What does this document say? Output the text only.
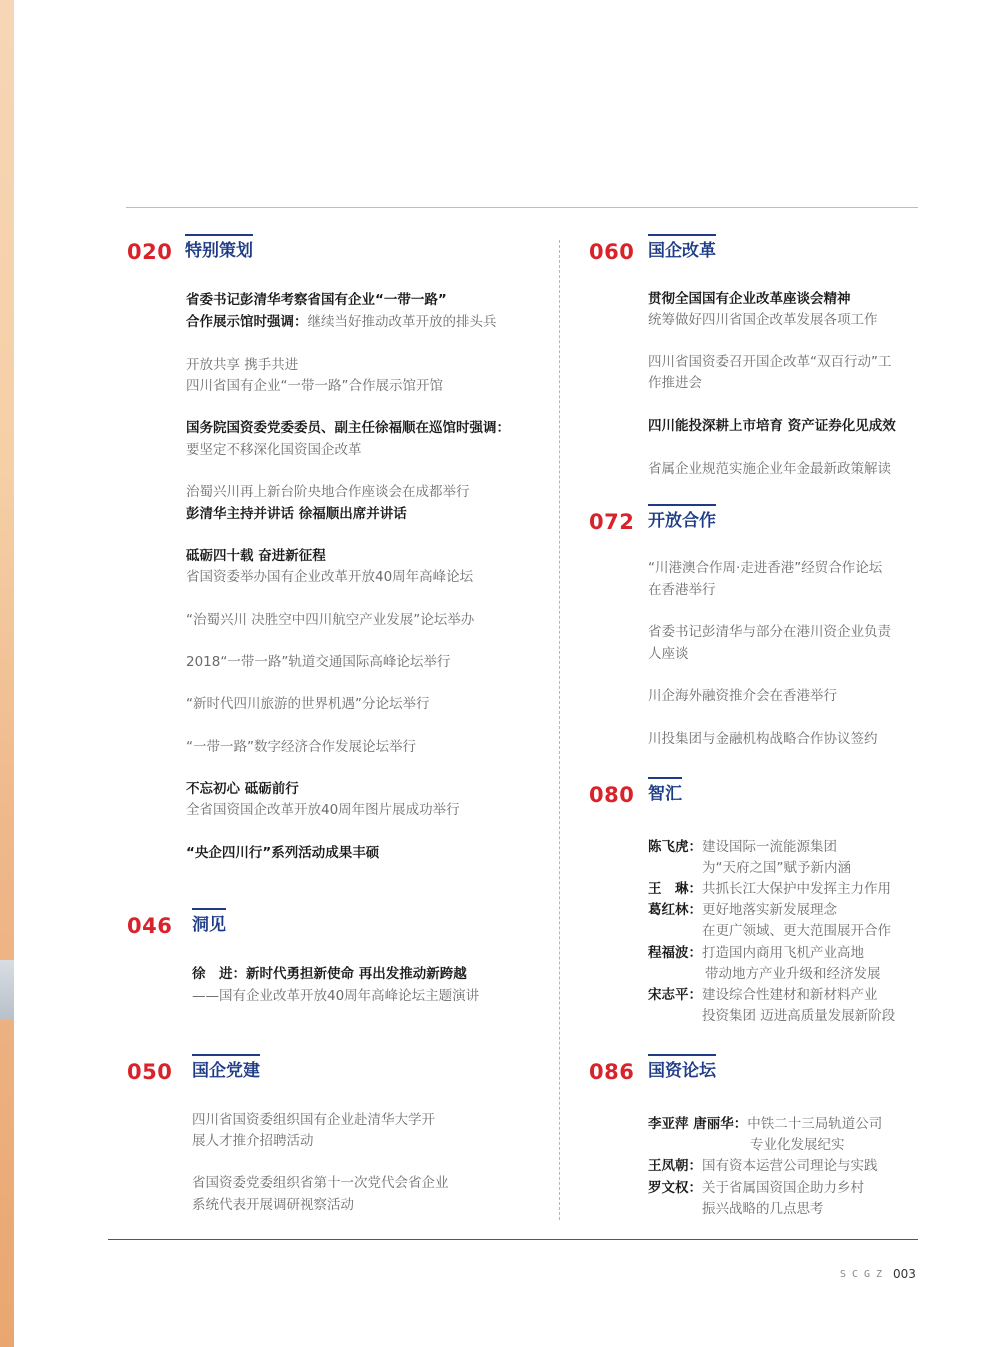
020 特别策划
省委书记彭清华考察省国有企业“一带一路”
合作展示馆时强调：继续当好推动改革开放的排头兵
开放共享 携手共进
四川省国有企业“一带一路”合作展示馆开馆
国务院国资委党委委员、副主任徐福顺在巡馆时强调：
要坚定不移深化国资国企改革
治蜀兴川再上新台阶央地合作座谈会在成都举行
彭清华主持并讲话 徐福顺出席并讲话
砥砺四十载 奋进新征程
省国资委举办国有企业改革开放40周年高峰论坛
“治蜀兴川 决胜空中四川航空产业发展”论坛举办
2018“一带一路”轨道交通国际高峰论坛举行
“新时代四川旅游的世界机遇”分论坛举行
“一带一路”数字经济合作发展论坛举行
不忘初心 砥砺前行
全省国资国企改革开放40周年图片展成功举行
“央企四川行”系列活动成果丰硕
046 洞见
徐　进：新时代勇担新使命 再出发推动新跨越
——国有企业改革开放40周年高峰论坛主题演讲
050 国企党建
四川省国资委组织国有企业赴清华大学开
展人才推介招聘活动
省国资委党委组织省第十一次党代会省企业
系统代表开展调研视察活动
060 国企改革
贯彻全国国有企业改革座谈会精神
统筹做好四川省国企改革发展各项工作
四川省国资委召开国企改革“双百行动”工
作推进会
四川能投深耕上市培育 资产证券化见成效
省属企业规范实施企业年金最新政策解读
072 开放合作
“川港澳合作周·走进香港”经贸合作论坛
在香港举行
省委书记彭清华与部分在港川资企业负责
人座谈
川企海外融资推介会在香港举行
川投集团与金融机构战略合作协议签约
080 智汇
陈飞虎：建设国际一流能源集团
为“天府之国”赋予新内涵
王　琳：共抓长江大保护中发挥主力作用
葛红林：更好地落实新发展理念
在更广领域、更大范围展开合作
程福波：打造国内商用飞机产业高地
带动地方产业升级和经济发展
宋志平：建设综合性建材和新材料产业
投资集团 迈进高质量发展新阶段
086 国资论坛
李亚萍 唐丽华：中铁二十三局轨道公司
专业化发展纪实
王凤朝：国有资本运营公司理论与实践
罗文权：关于省属国资国企助力乡村
振兴战略的几点思考
SCGZ 003
